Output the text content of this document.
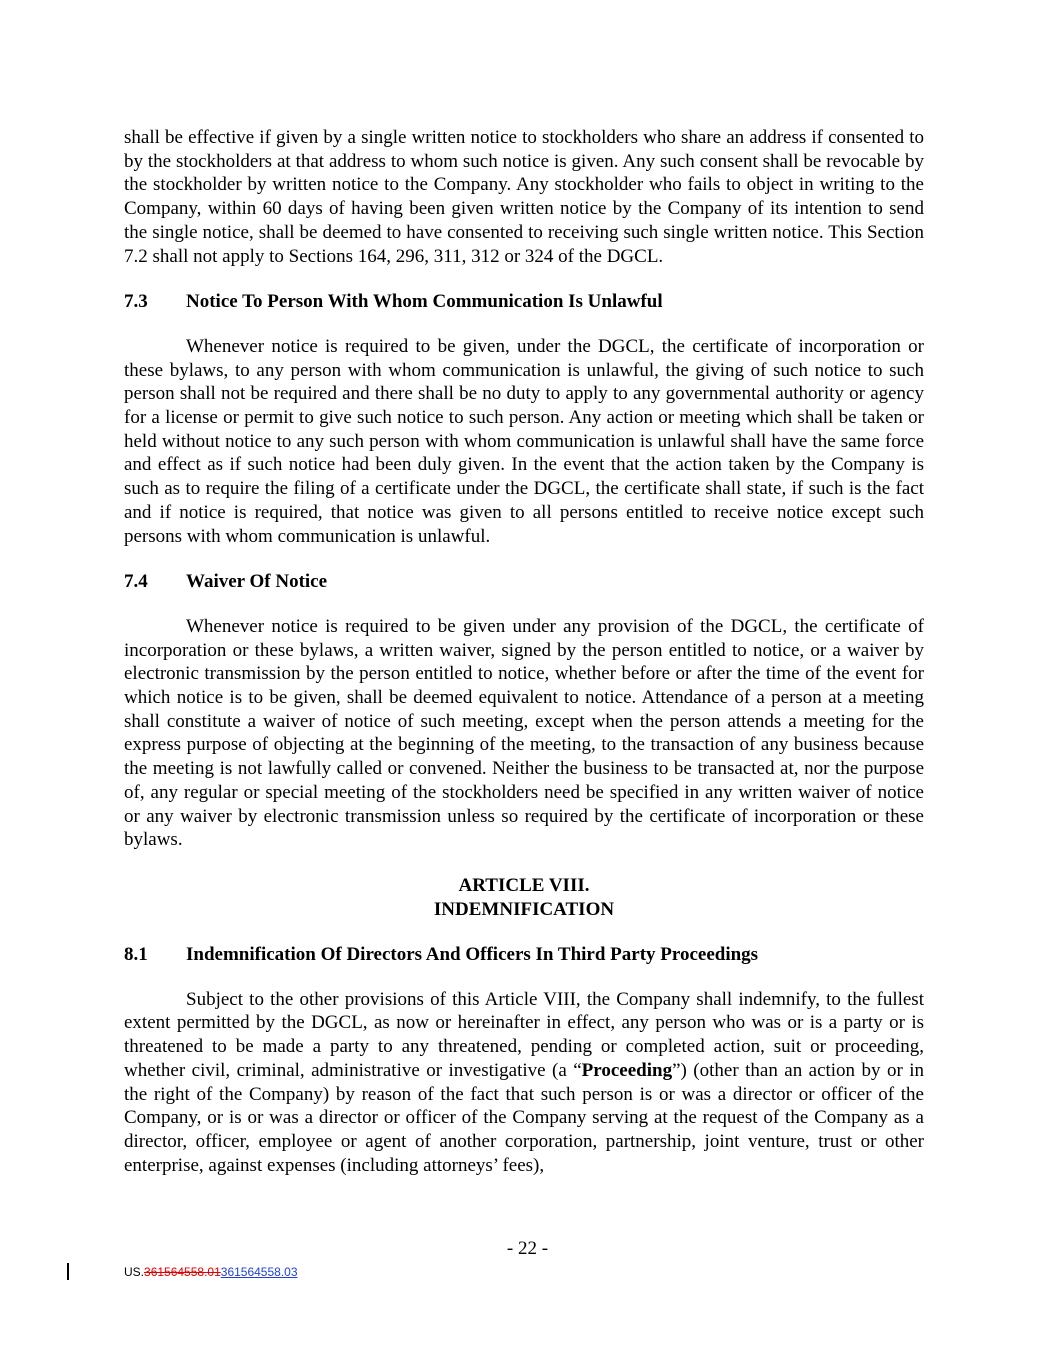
shall be effective if given by a single written notice to stockholders who share an address if consented to by the stockholders at that address to whom such notice is given. Any such consent shall be revocable by the stockholder by written notice to the Company. Any stockholder who fails to object in writing to the Company, within 60 days of having been given written notice by the Company of its intention to send the single notice, shall be deemed to have consented to receiving such single written notice. This Section 7.2 shall not apply to Sections 164, 296, 311, 312 or 324 of the DGCL.

7.3 Notice To Person With Whom Communication Is Unlawful

Whenever notice is required to be given, under the DGCL, the certificate of incorporation or these bylaws, to any person with whom communication is unlawful, the giving of such notice to such person shall not be required and there shall be no duty to apply to any governmental authority or agency for a license or permit to give such notice to such person. Any action or meeting which shall be taken or held without notice to any such person with whom communication is unlawful shall have the same force and effect as if such notice had been duly given. In the event that the action taken by the Company is such as to require the filing of a certificate under the DGCL, the certificate shall state, if such is the fact and if notice is required, that notice was given to all persons entitled to receive notice except such persons with whom communication is unlawful.

7.4 Waiver Of Notice

Whenever notice is required to be given under any provision of the DGCL, the certificate of incorporation or these bylaws, a written waiver, signed by the person entitled to notice, or a waiver by electronic transmission by the person entitled to notice, whether before or after the time of the event for which notice is to be given, shall be deemed equivalent to notice. Attendance of a person at a meeting shall constitute a waiver of notice of such meeting, except when the person attends a meeting for the express purpose of objecting at the beginning of the meeting, to the transaction of any business because the meeting is not lawfully called or convened. Neither the business to be transacted at, nor the purpose of, any regular or special meeting of the stockholders need be specified in any written waiver of notice or any waiver by electronic transmission unless so required by the certificate of incorporation or these bylaws.

ARTICLE VIII.
INDEMNIFICATION
8.1 Indemnification Of Directors And Officers In Third Party Proceedings

Subject to the other provisions of this Article VIII, the Company shall indemnify, to the fullest extent permitted by the DGCL, as now or hereinafter in effect, any person who was or is a party or is threatened to be made a party to any threatened, pending or completed action, suit or proceeding, whether civil, criminal, administrative or investigative (a “Proceeding”) (other than an action by or in the right of the Company) by reason of the fact that such person is or was a director or officer of the Company, or is or was a director or officer of the Company serving at the request of the Company as a director, officer, employee or agent of another corporation, partnership, joint venture, trust or other enterprise, against expenses (including attorneys’ fees),

- 22 -
US.361564558.01361564558.03
